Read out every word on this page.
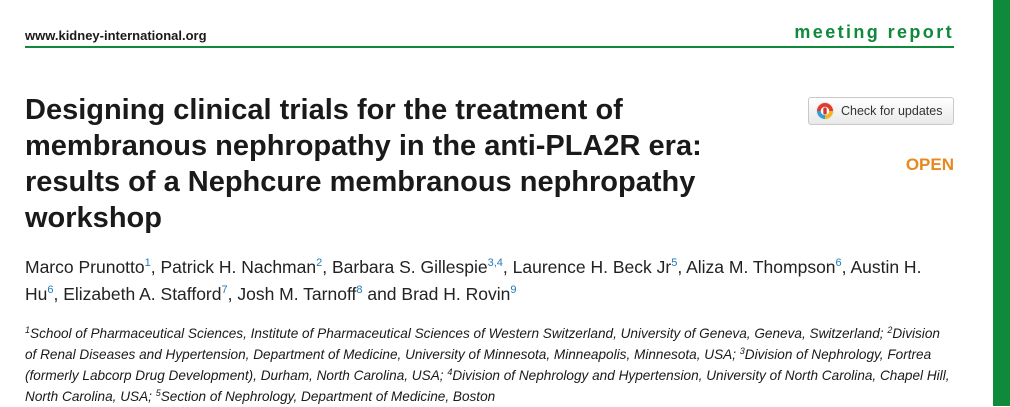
www.kidney-international.org	meeting report
Designing clinical trials for the treatment of membranous nephropathy in the anti-PLA2R era: results of a Nephcure membranous nephropathy workshop
Check for updates
OPEN
Marco Prunotto$^1$, Patrick H. Nachman$^2$, Barbara S. Gillespie$^{3,4}$, Laurence H. Beck Jr$^5$, Aliza M. Thompson$^6$, Austin H. Hu$^6$, Elizabeth A. Stafford$^7$, Josh M. Tarnoff$^8$ and Brad H. Rovin$^9$
$^1$School of Pharmaceutical Sciences, Institute of Pharmaceutical Sciences of Western Switzerland, University of Geneva, Geneva, Switzerland; $^2$Division of Renal Diseases and Hypertension, Department of Medicine, University of Minnesota, Minneapolis, Minnesota, USA; $^3$Division of Nephrology, Fortrea (formerly Labcorp Drug Development), Durham, North Carolina, USA; $^4$Division of Nephrology and Hypertension, University of North Carolina, Chapel Hill, North Carolina, USA; $^5$Section of Nephrology, Department of Medicine, Boston
